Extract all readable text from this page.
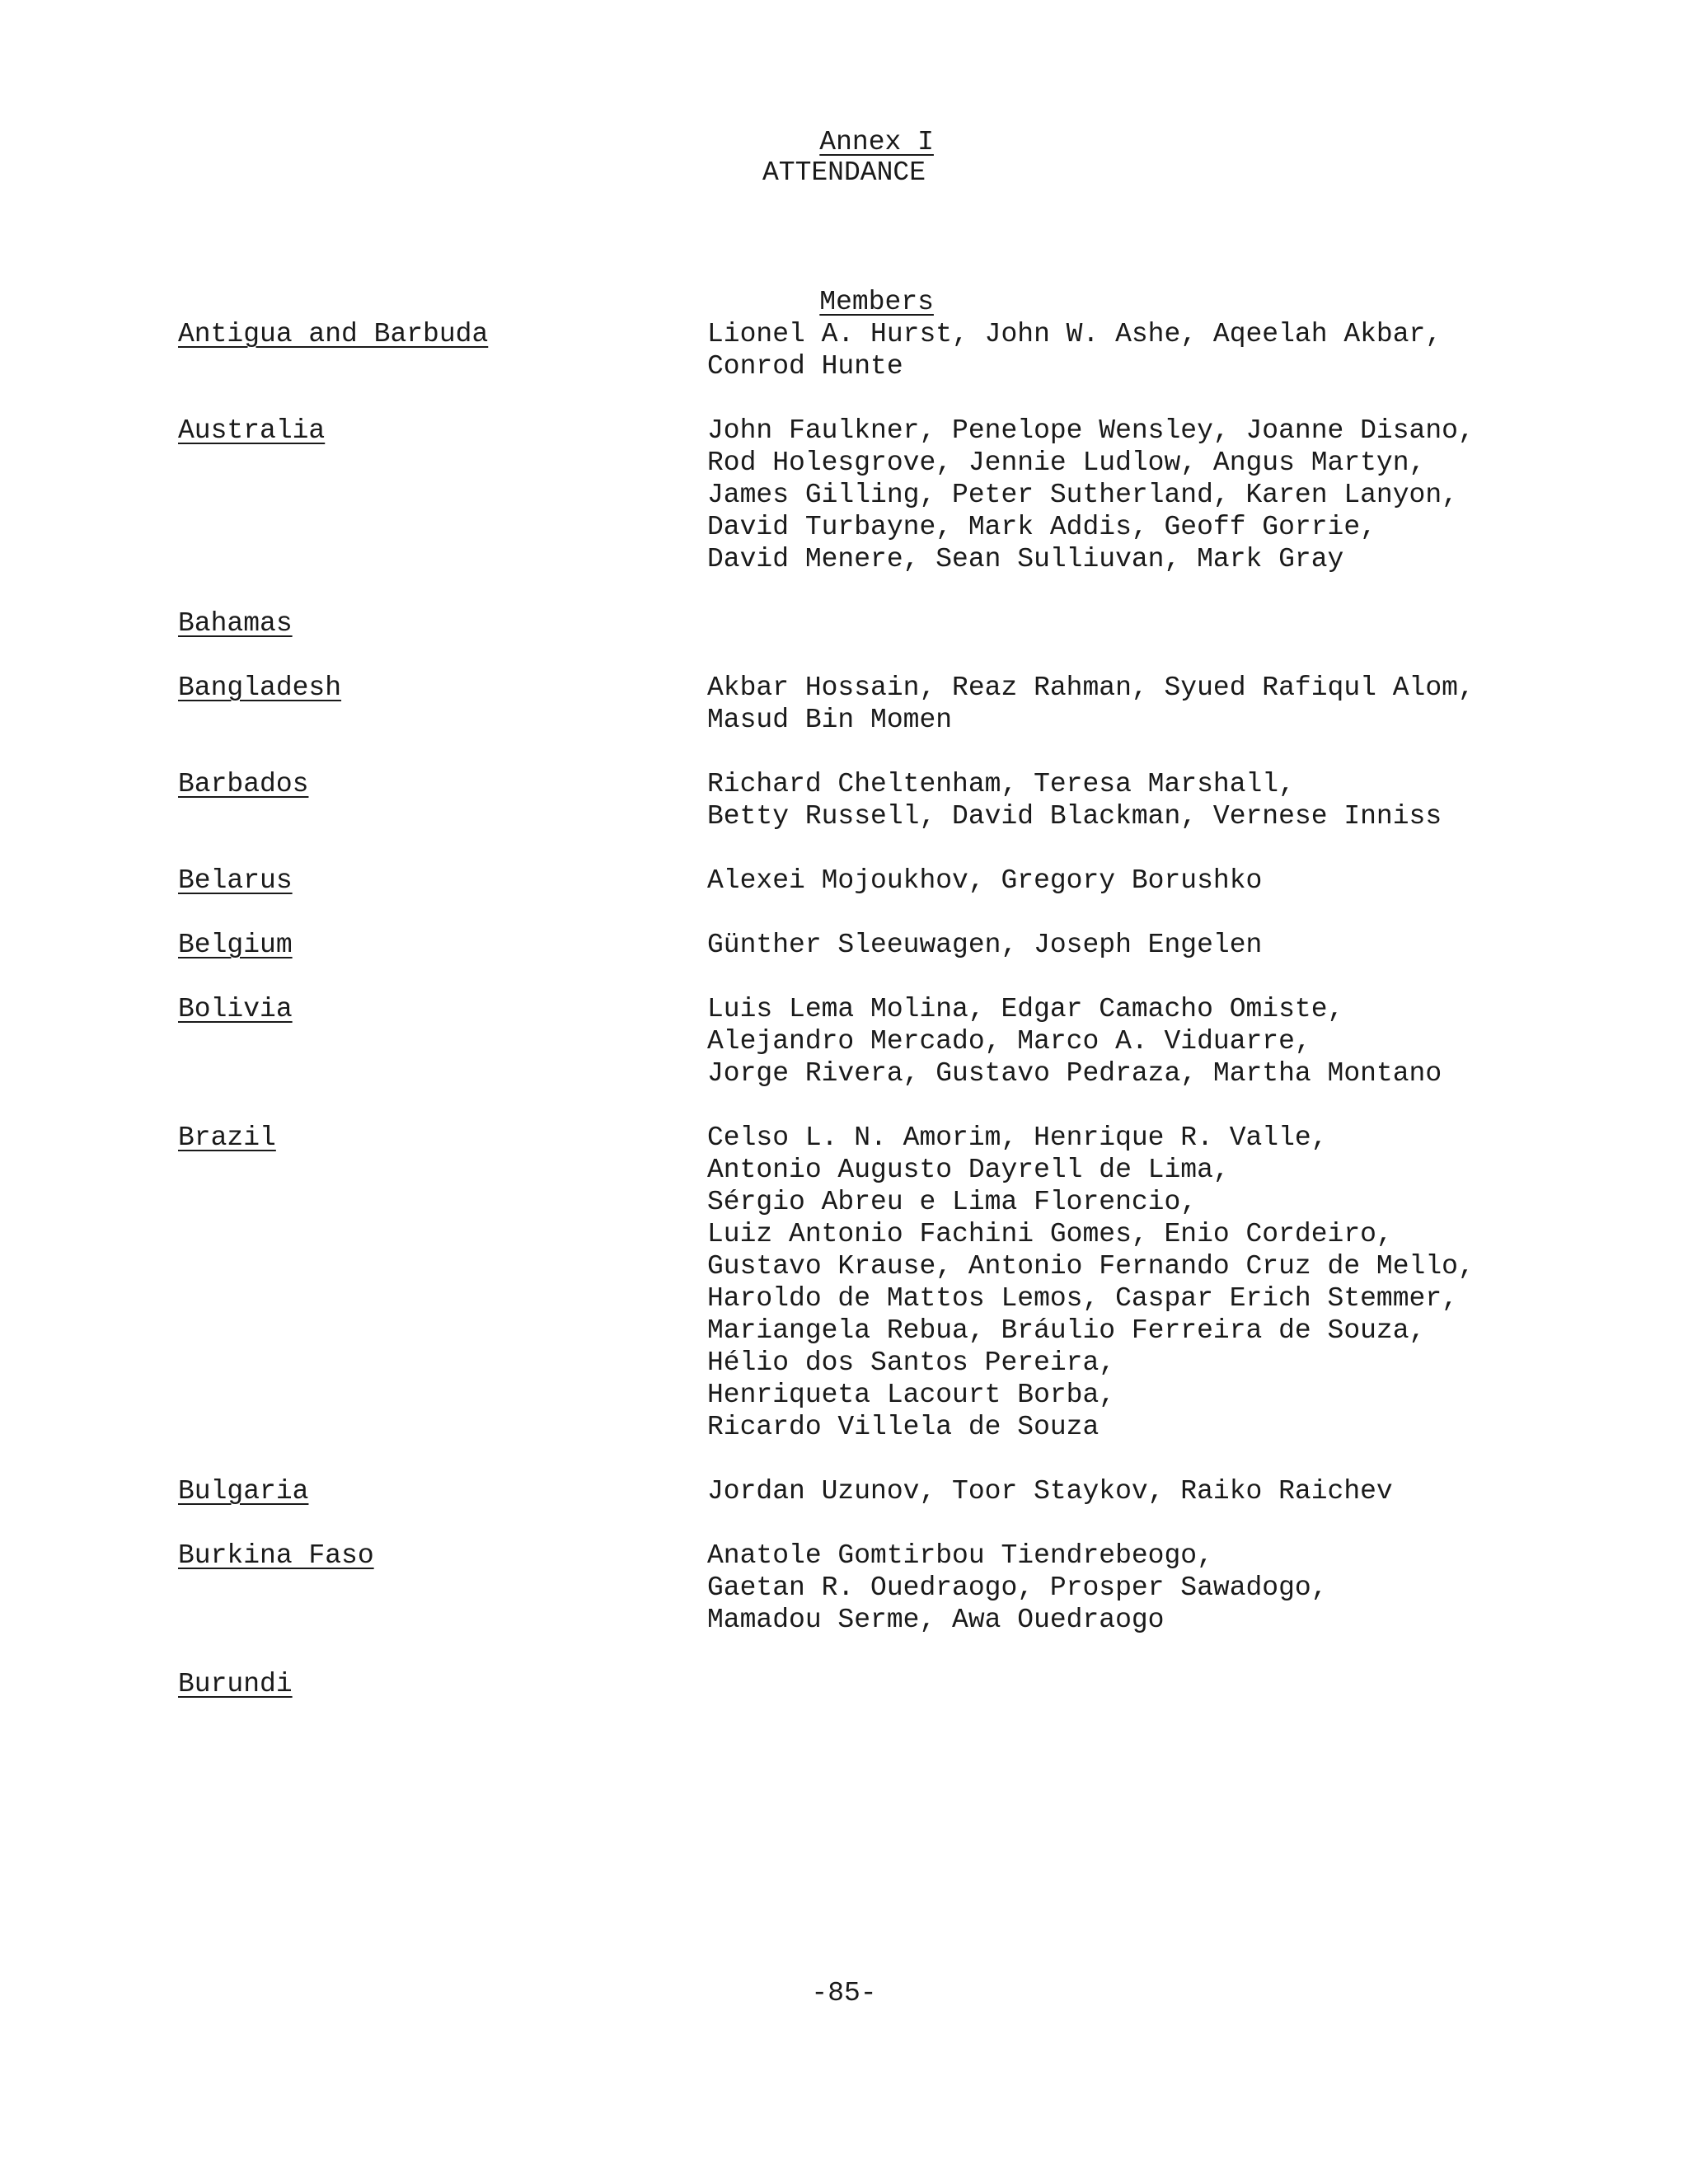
Annex I

ATTENDANCE

Members

Antigua and Barbuda	Lionel A. Hurst, John W. Ashe, Aqeelah Akbar,
Conrod Hunte
Australia	John Faulkner, Penelope Wensley, Joanne Disano,
Rod Holesgrove, Jennie Ludlow, Angus Martyn,
James Gilling, Peter Sutherland, Karen Lanyon,
David Turbayne, Mark Addis, Geoff Gorrie,
David Menere, Sean Sulliuvan, Mark Gray
Bahamas
Bangladesh	Akbar Hossain, Reaz Rahman, Syued Rafiqul Alom,
Masud Bin Momen
Barbados	Richard Cheltenham, Teresa Marshall,
Betty Russell, David Blackman, Vernese Inniss
Belarus	Alexei Mojoukhov, Gregory Borushko
Belgium	Günther Sleeuwagen, Joseph Engelen
Bolivia	Luis Lema Molina, Edgar Camacho Omiste,
Alejandro Mercado, Marco A. Viduarre,
Jorge Rivera, Gustavo Pedraza, Martha Montano
Brazil	Celso L. N. Amorim, Henrique R. Valle,
Antonio Augusto Dayrell de Lima,
Sérgio Abreu e Lima Florencio,
Luiz Antonio Fachini Gomes, Enio Cordeiro,
Gustavo Krause, Antonio Fernando Cruz de Mello,
Haroldo de Mattos Lemos, Caspar Erich Stemmer,
Mariangela Rebua, Bráulio Ferreira de Souza,
Hélio dos Santos Pereira,
Henriqueta Lacourt Borba,
Ricardo Villela de Souza
Bulgaria	Jordan Uzunov, Toor Staykov, Raiko Raichev
Burkina Faso	Anatole Gomtirbou Tiendrebeogo,
Gaetan R. Ouedraogo, Prosper Sawadogo,
Mamadou Serme, Awa Ouedraogo
Burundi
-85-
